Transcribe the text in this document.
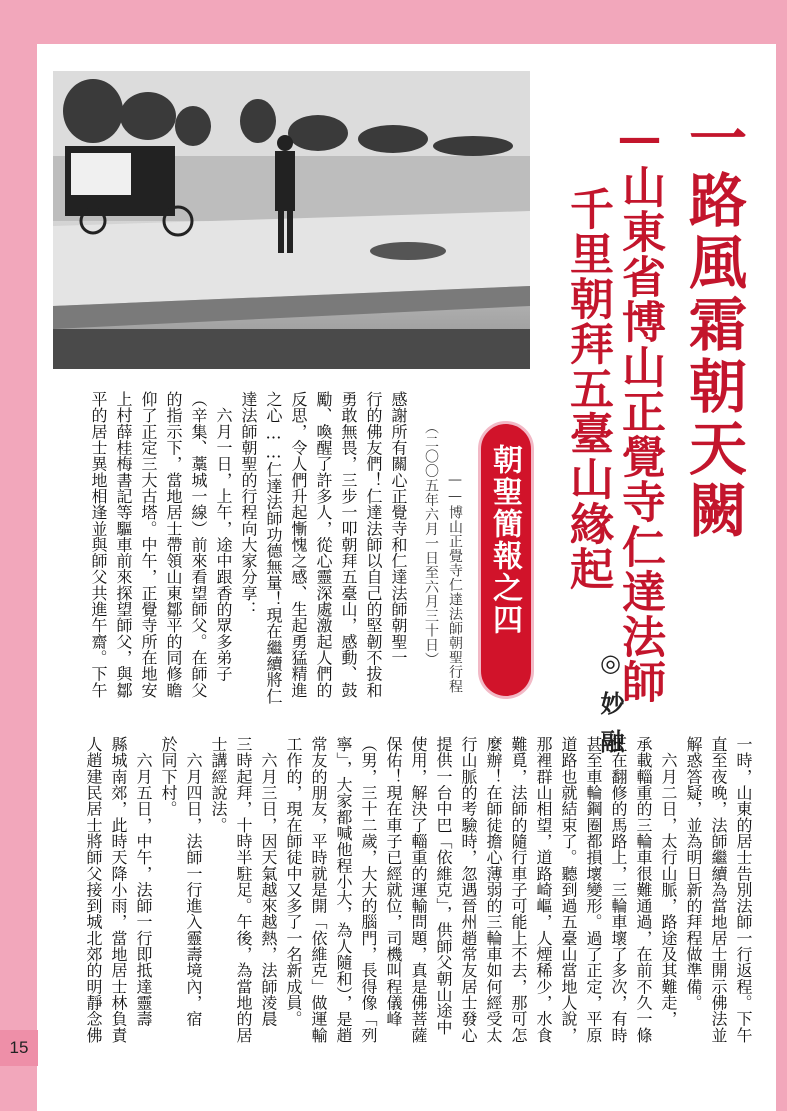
一路風霜朝天闕
—山東省博山正覺寺仁達法師
千里朝拜五臺山緣起
◎妙融
朝聖簡報之四
——博山正覺寺仁達法師朝聖行程
（二〇〇五年六月一日至六月三十日）
感謝所有關心正覺寺和仁達法師朝聖一
行的佛友們！仁達法師以自己的堅韌不拔和
勇敢無畏，三步一叩朝拜五臺山，感動、鼓
勵、喚醒了許多人，從心靈深處激起人們的
反思，令人們升起慚愧之感、生起勇猛精進
之心……仁達法師功德無量！現在繼續將仁
達法師朝聖的行程向大家分享：
　六月一日，上午，途中跟香的眾多弟子
（辛集、藁城一線）前來看望師父。在師父
的指示下，當地居士帶領山東鄒平的同修瞻
仰了正定三大古塔。中午，正覺寺所在地安
上村薛桂梅書記等驅車前來探望師父，與鄒
平的居士異地相逢並與師父共進午齋。下午
一時，山東的居士告別法師一行返程。下午
直至夜晚，法師繼續為當地居士開示佛法並
解惑答疑，並為明日新的拜程做準備。
　六月二日，太行山脈，路途及其難走，
承載輜重的三輪車很難通過，在前不久一條
正在翻修的馬路上，三輪車壞了多次，有時
甚至車輪鋼圈都損壞變形。過了正定，平原
道路也就結束了。聽到過五臺山當地人說，
那裡群山相望，道路崎嶇，人煙稀少，水食
難覓，法師的隨行車子可能上不去，那可怎
麼辦！在師徒擔心薄弱的三輪車如何經受太
行山脈的考驗時，忽遇晉州趙常友居士發心
提供一台中巴「依維克」，供師父朝山途中
使用，解決了輜重的運輸問題，真是佛菩薩
保佑！現在車子已經就位，司機叫程儀峰
（男，三十二歲，大大的腦門，長得像「列
寧」，大家都喊他程小大，為人隨和），是趙
常友的朋友，平時就是開「依維克」做運輸
工作的，現在師徒中又多了一名新成員。
　六月三日，因天氣越來越熱，法師淩晨
三時起拜，十時半駐足。午後，為當地的居
士講經說法。
　六月四日，法師一行進入靈壽境內，宿
於同下村。
　六月五日，中午，法師一行即抵達靈壽
縣城南郊，此時天降小雨，當地居士林負責
人趙建民居士將師父接到城北郊的明靜念佛
15
